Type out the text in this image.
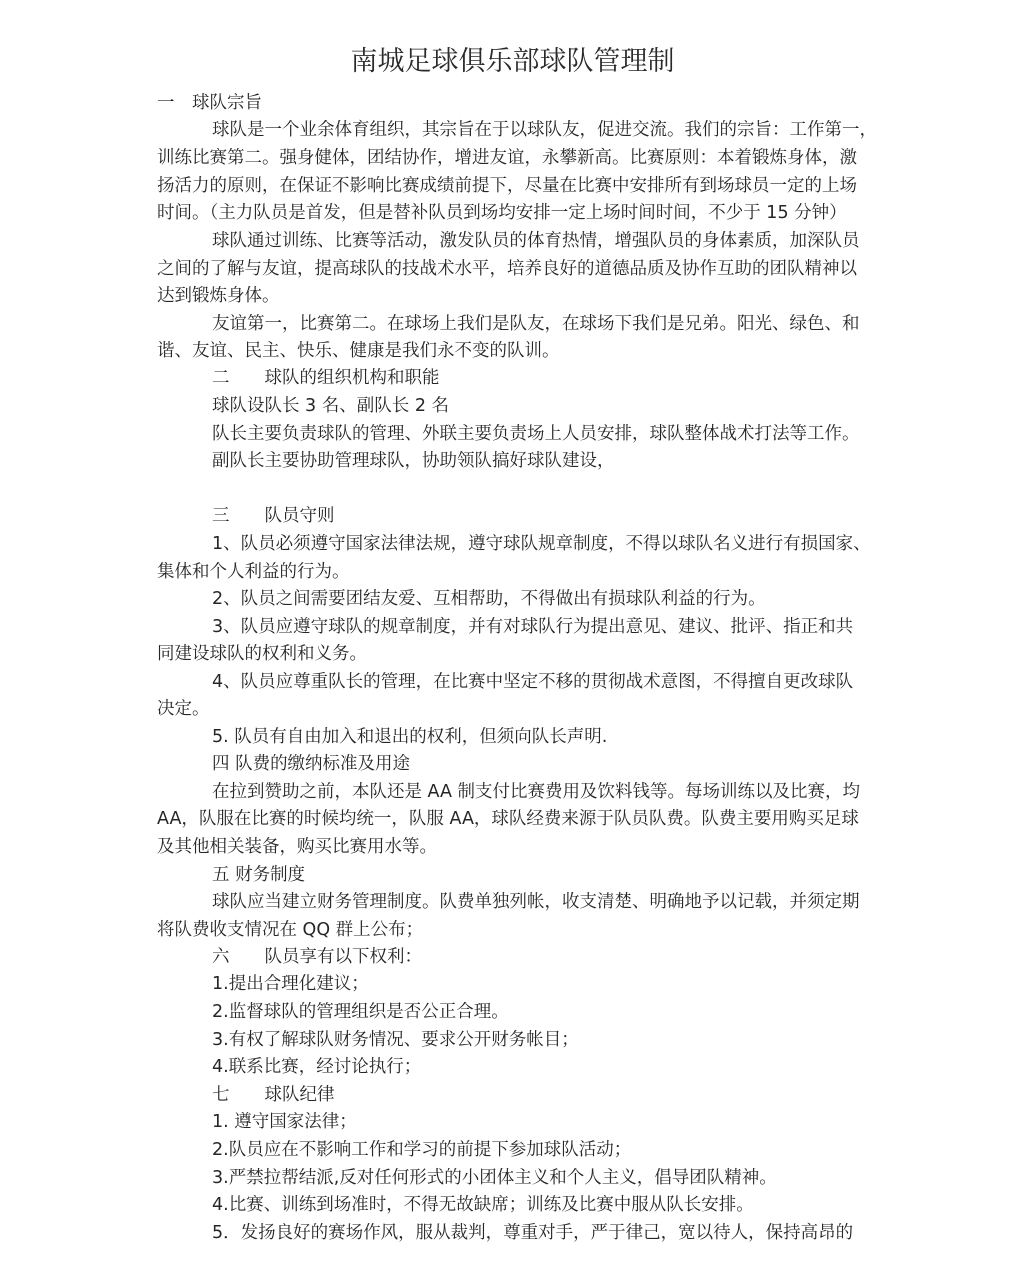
南城足球俱乐部球队管理制
一　球队宗旨
球队是一个业余体育组织，其宗旨在于以球队友，促进交流。我们的宗旨：工作第一，
训练比赛第二。强身健体，团结协作，增进友谊，永攀新高。比赛原则：本着锻炼身体，激
扬活力的原则，在保证不影响比赛成绩前提下，尽量在比赛中安排所有到场球员一定的上场
时间。（主力队员是首发，但是替补队员到场均安排一定上场时间时间，不少于 15 分钟）
球队通过训练、比赛等活动，激发队员的体育热情，增强队员的身体素质，加深队员
之间的了解与友谊，提高球队的技战术水平，培养良好的道德品质及协作互助的团队精神以
达到锻炼身体。
友谊第一，比赛第二。在球场上我们是队友，在球场下我们是兄弟。阳光、绿色、和
谐、友谊、民主、快乐、健康是我们永不变的队训。
二　　球队的组织机构和职能
球队设队长 3 名、副队长 2 名
队长主要负责球队的管理、外联主要负责场上人员安排，球队整体战术打法等工作。
副队长主要协助管理球队，协助领队搞好球队建设，
三　　队员守则
1、队员必须遵守国家法律法规，遵守球队规章制度，不得以球队名义进行有损国家、
集体和个人利益的行为。
2、队员之间需要团结友爱、互相帮助，不得做出有损球队利益的行为。
3、队员应遵守球队的规章制度，并有对球队行为提出意见、建议、批评、指正和共
同建设球队的权利和义务。
4、队员应尊重队长的管理，在比赛中坚定不移的贯彻战术意图，不得擅自更改球队
决定。
5. 队员有自由加入和退出的权利，但须向队长声明.
四 队费的缴纳标准及用途
在拉到赞助之前，本队还是 AA 制支付比赛费用及饮料钱等。每场训练以及比赛，均
AA，队服在比赛的时候均统一，队服 AA，球队经费来源于队员队费。队费主要用购买足球
及其他相关装备，购买比赛用水等。
五 财务制度
球队应当建立财务管理制度。队费单独列帐，收支清楚、明确地予以记载，并须定期
将队费收支情况在 QQ 群上公布；
六　　队员享有以下权利：
1.提出合理化建议；
2.监督球队的管理组织是否公正合理。
3.有权了解球队财务情况、要求公开财务帐目；
4.联系比赛，经讨论执行；
七　　球队纪律
1. 遵守国家法律；
2.队员应在不影响工作和学习的前提下参加球队活动；
3.严禁拉帮结派,反对任何形式的小团体主义和个人主义，倡导团队精神。
4.比赛、训练到场准时，不得无故缺席；训练及比赛中服从队长安排。
5．发扬良好的赛场作风，服从裁判，尊重对手，严于律己，宽以待人，保持高昂的
